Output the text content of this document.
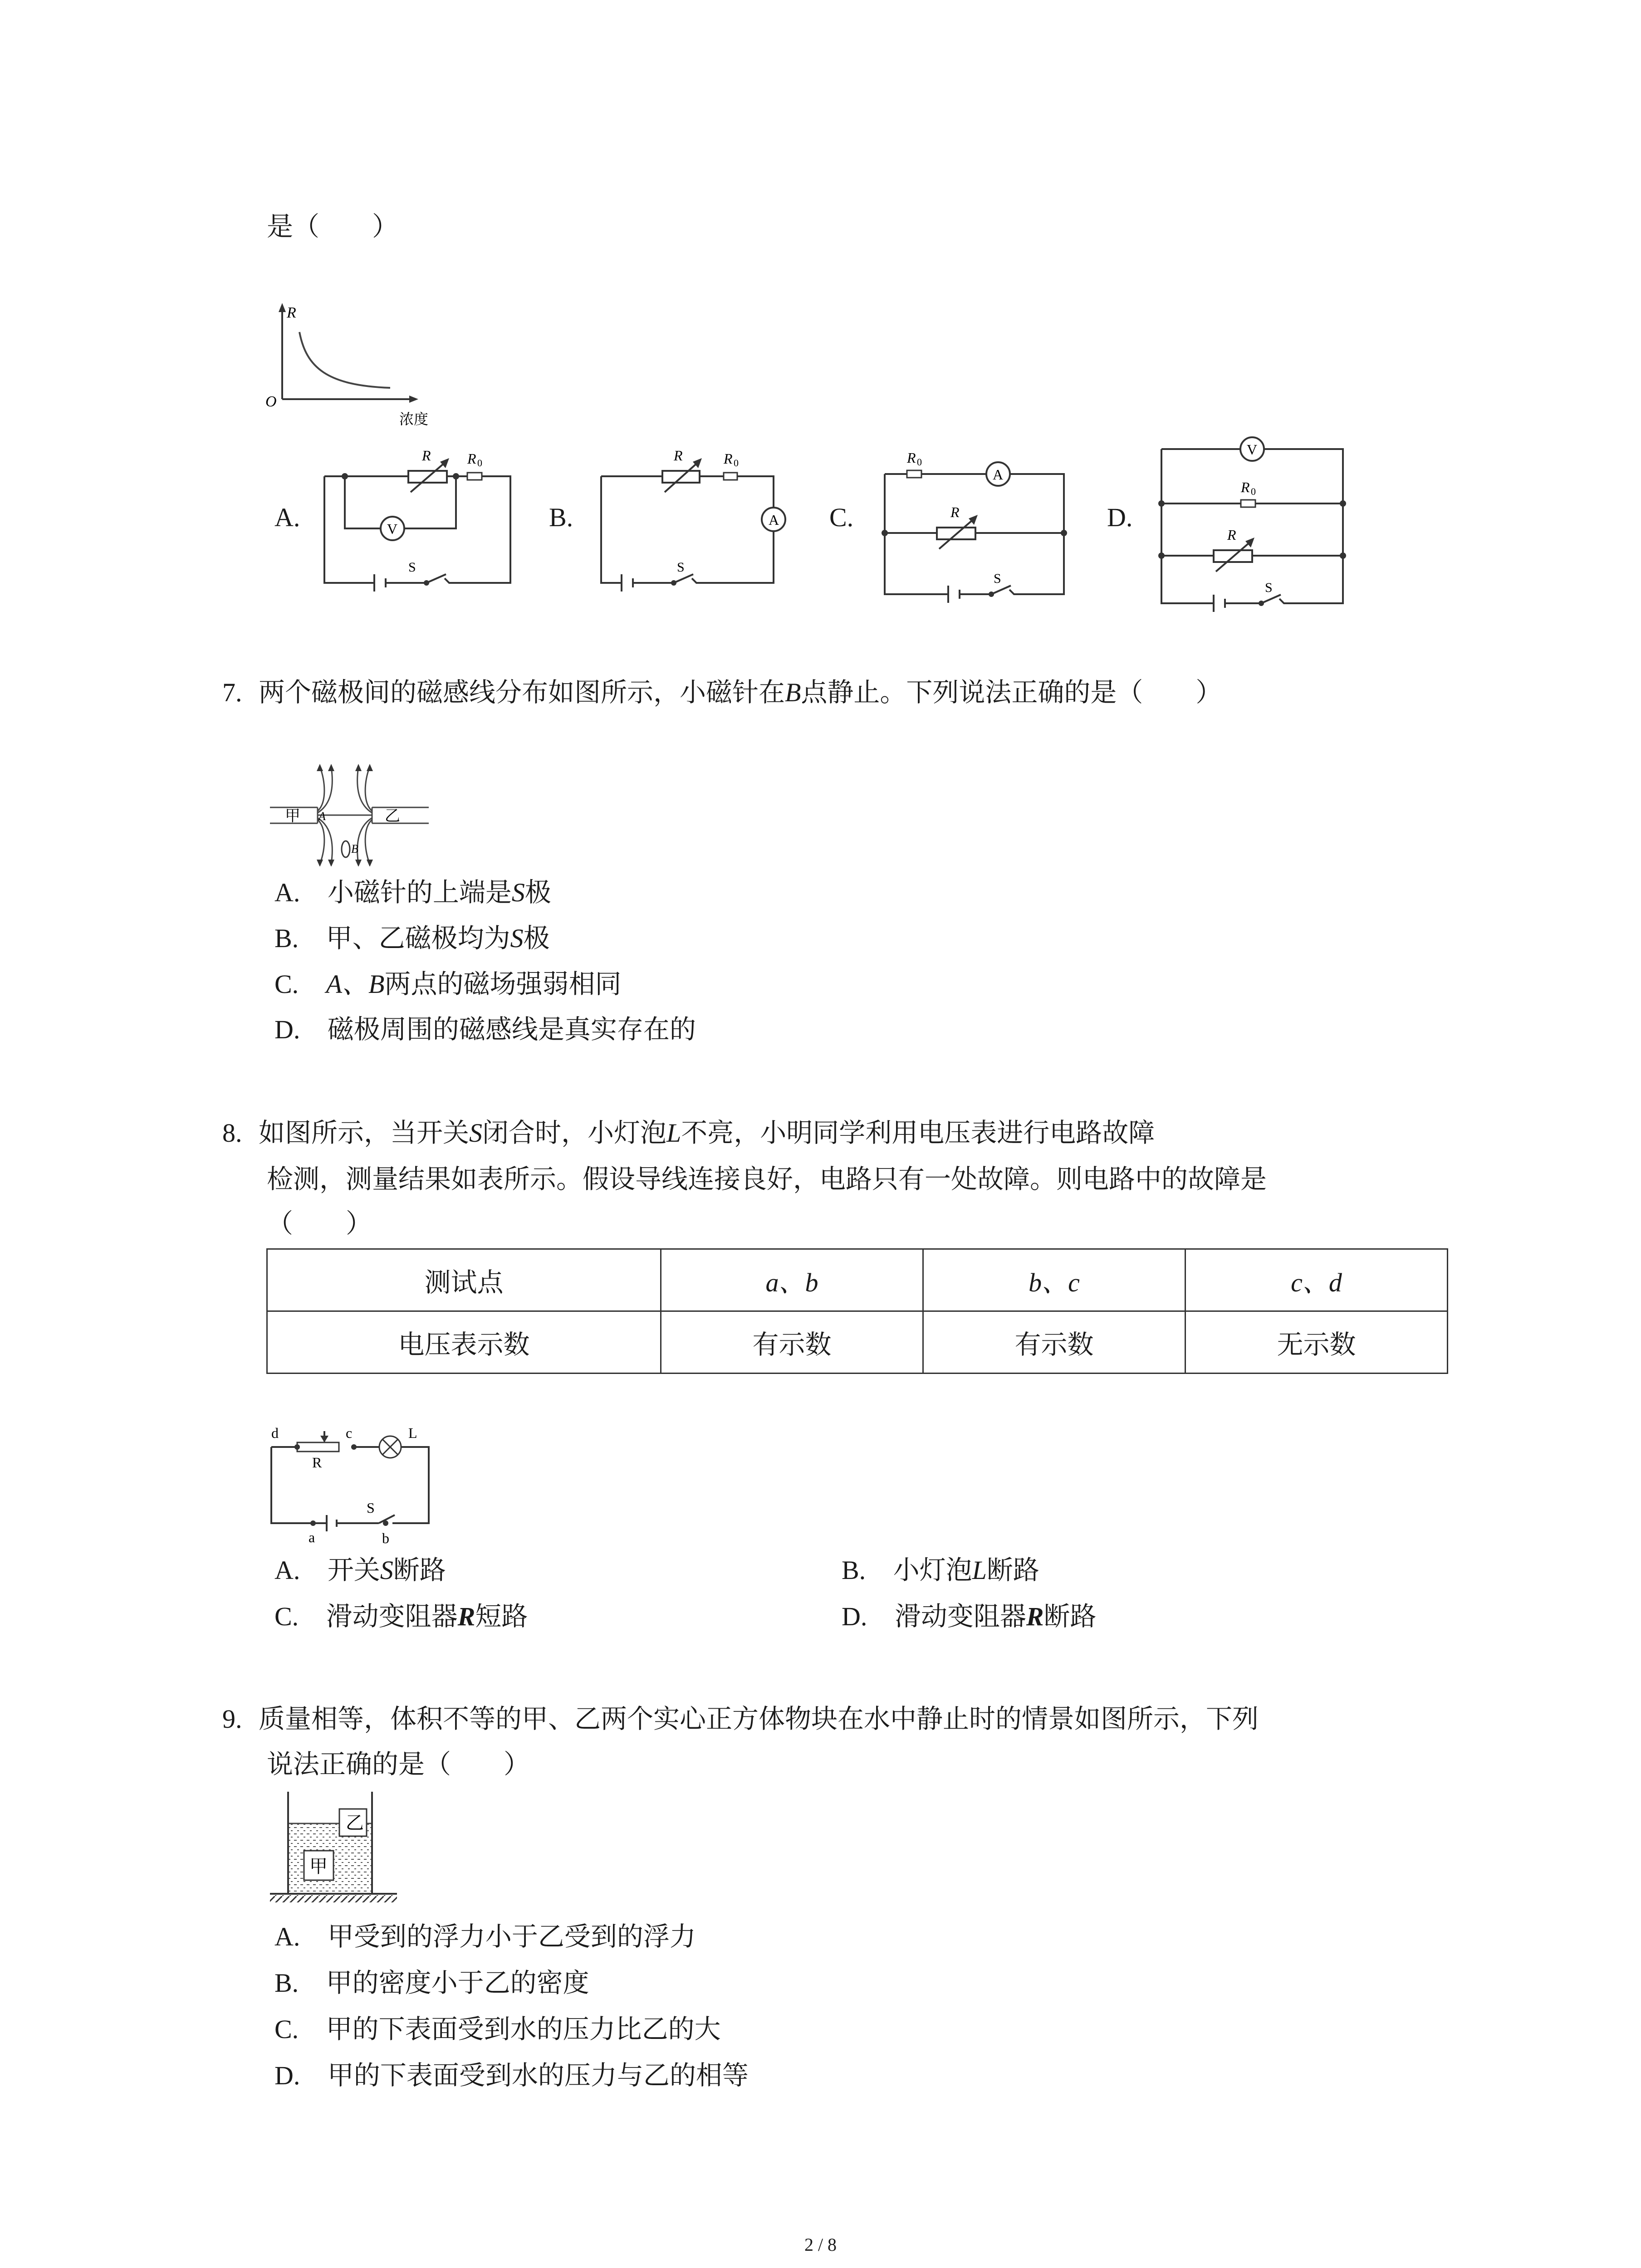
是（　　）
R
O
浓度
A.
R	R 0
V
S
B.
R	R 0
A
S
C.
R 0
A
R
S
D.
V
R 0
R
S
7. 两个磁极间的磁感线分布如图所示，小磁针在B点静止。下列说法正确的是（　　）
甲 A	乙
B
A. 小磁针的上端是S极
B. 甲、乙磁极均为S极
C. A、B两点的磁场强弱相同
D. 磁极周围的磁感线是真实存在的
8. 如图所示，当开关S闭合时，小灯泡L不亮，小明同学利用电压表进行电路故障
检测，测量结果如表所示。假设导线连接良好，电路只有一处故障。则电路中的故障是
（　　）
测试点	a、b	b、c	c、d
电压表示数	有示数	有示数	无示数
d	c	L
R
S
a	b
A. 开关S断路	B. 小灯泡L断路
C. 滑动变阻器R短路	D. 滑动变阻器R断路
9. 质量相等，体积不等的甲、乙两个实心正方体物块在水中静止时的情景如图所示，下列
说法正确的是（　　）
乙
甲
A. 甲受到的浮力小于乙受到的浮力
B. 甲的密度小于乙的密度
C. 甲的下表面受到水的压力比乙的大
D. 甲的下表面受到水的压力与乙的相等
2 / 8
